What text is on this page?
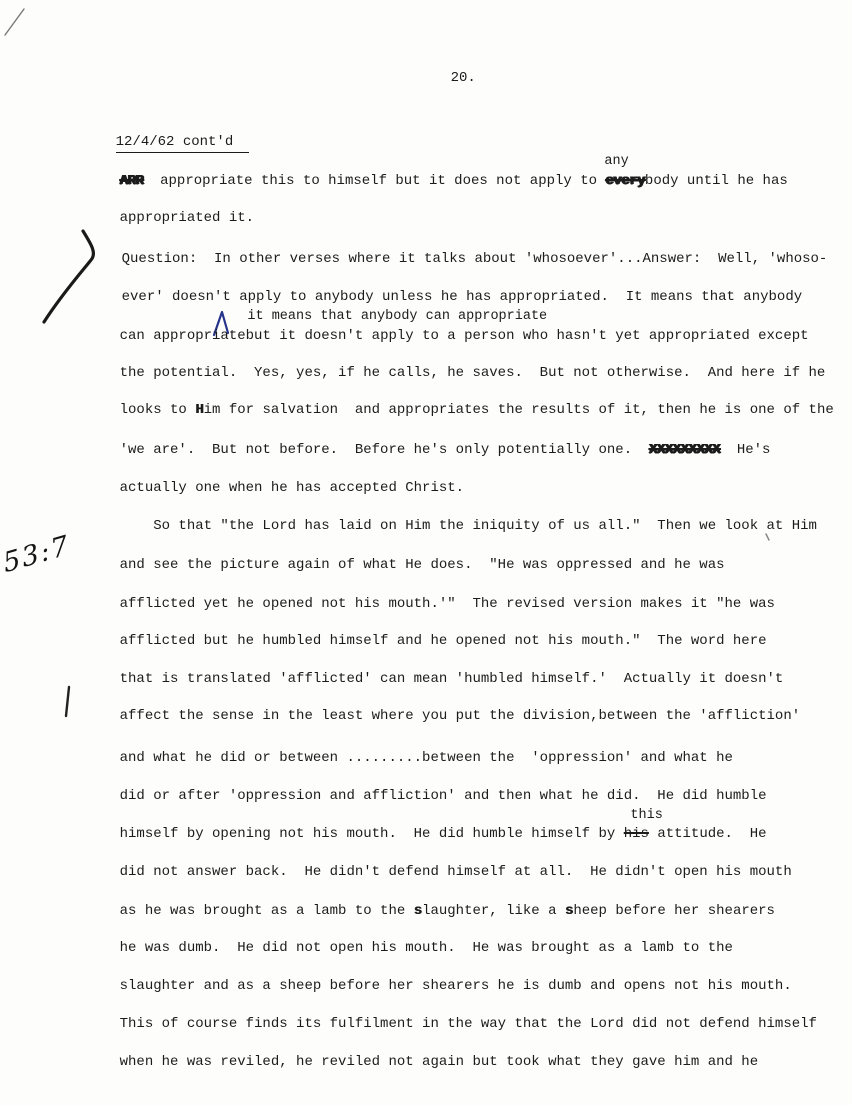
53:7

20.

12/4/62 cont'd

any

ARR  appropriate this to himself but it does not apply to everybody until he has

appropriated it.

Question:  In other verses where it talks about 'whosoever'...Answer:  Well, 'whoso-

ever' doesn't apply to anybody unless he has appropriated.  It means that anybody

it means that anybody can appropriate

can appropriatebut it doesn't apply to a person who hasn't yet appropriated except

the potential.  Yes, yes, if he calls, he saves.  But not otherwise.  And here if he

looks to Him for salvation  and appropriates the results of it, then he is one of the

'we are'.  But not before.  Before he's only potentially one.  XXXXXXXXX  He's

actually one when he has accepted Christ.

So that "the Lord has laid on Him the iniquity of us all."  Then we look at Him

and see the picture again of what He does.  "He was oppressed and he was

afflicted yet he opened not his mouth.'"  The revised version makes it "he was

afflicted but he humbled himself and he opened not his mouth."  The word here

that is translated 'afflicted' can mean 'humbled himself.'  Actually it doesn't

affect the sense in the least where you put the division,between the 'affliction'

and what he did or between .........between the  'oppression' and what he

did or after 'oppression and affliction' and then what he did.  He did humble

this

himself by opening not his mouth.  He did humble himself by his attitude.  He

did not answer back.  He didn't defend himself at all.  He didn't open his mouth

as he was brought as a lamb to the slaughter, like a sheep before her shearers

he was dumb.  He did not open his mouth.  He was brought as a lamb to the

slaughter and as a sheep before her shearers he is dumb and opens not his mouth.

This of course finds its fulfilment in the way that the Lord did not defend himself

when he was reviled, he reviled not again but took what they gave him and he
